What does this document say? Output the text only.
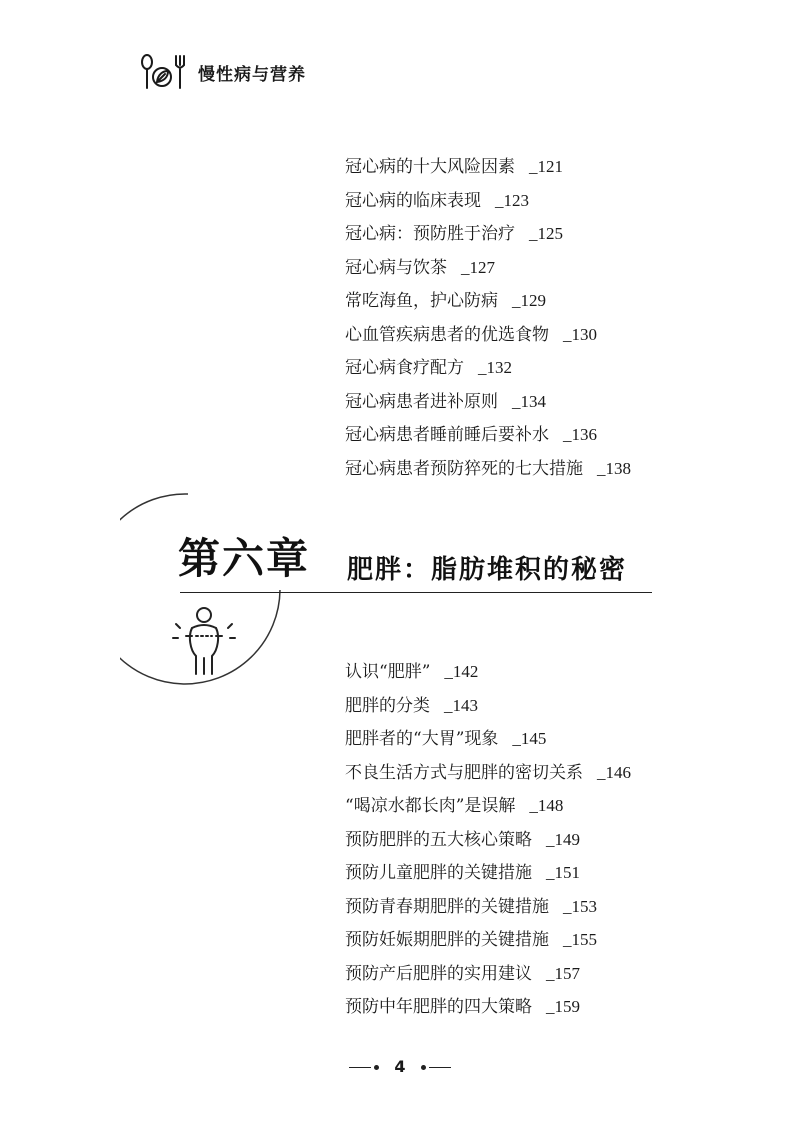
慢性病与营养
冠心病的十大风险因素 _121
冠心病的临床表现 _123
冠心病：预防胜于治疗 _125
冠心病与饮茶 _127
常吃海鱼，护心防病 _129
心血管疾病患者的优选食物 _130
冠心病食疗配方 _132
冠心病患者进补原则 _134
冠心病患者睡前睡后要补水 _136
冠心病患者预防猝死的七大措施 _138
第六章 肥胖：脂肪堆积的秘密
认识“肥胖” _142
肥胖的分类 _143
肥胖者的“大胃”现象 _145
不良生活方式与肥胖的密切关系 _146
“喝凉水都长肉”是误解 _148
预防肥胖的五大核心策略 _149
预防儿童肥胖的关键措施 _151
预防青春期肥胖的关键措施 _153
预防妊娠期肥胖的关键措施 _155
预防产后肥胖的实用建议 _157
预防中年肥胖的四大策略 _159
4
